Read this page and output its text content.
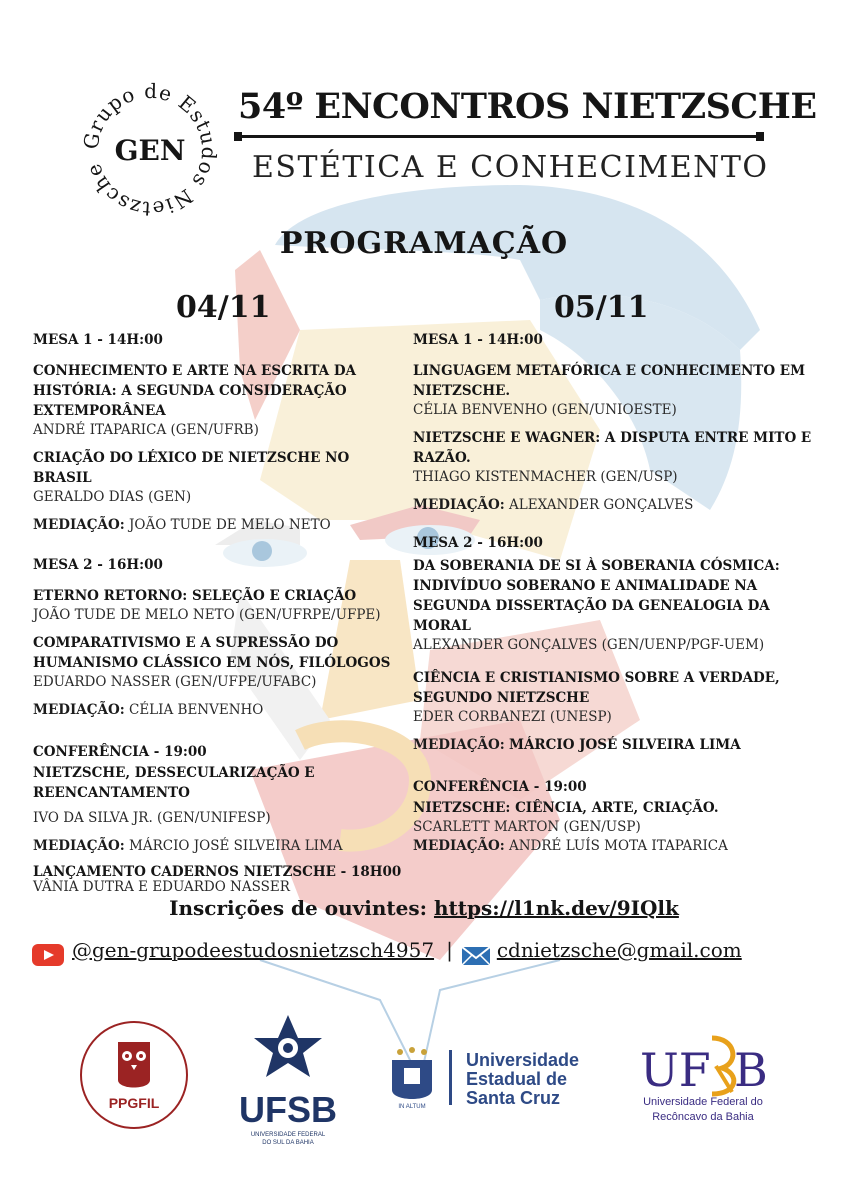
Grupo de Estudos Nietzsche
GEN
54º ENCONTROS NIETZSCHE
ESTÉTICA E CONHECIMENTO
PROGRAMAÇÃO
04/11	05/11
MESA 1 - 14H:00
CONHECIMENTO E ARTE NA ESCRITA DA HISTÓRIA: A SEGUNDA CONSIDERAÇÃO EXTEMPORÂNEA
ANDRÉ ITAPARICA (GEN/UFRB)
CRIAÇÃO DO LÉXICO DE NIETZSCHE NO BRASIL
GERALDO DIAS (GEN)
MEDIAÇÃO: JOÃO TUDE DE MELO NETO
MESA 2 - 16H:00
ETERNO RETORNO: SELEÇÃO E CRIAÇÃO
JOÃO TUDE DE MELO NETO (GEN/UFRPE/UFPE)
COMPARATIVISMO E A SUPRESSÃO DO HUMANISMO CLÁSSICO EM NÓS, FILÓLOGOS
EDUARDO NASSER (GEN/UFPE/UFABC)
MEDIAÇÃO: CÉLIA BENVENHO
CONFERÊNCIA - 19:00
NIETZSCHE, DESSECULARIZAÇÃO E REENCANTAMENTO
IVO DA SILVA JR. (GEN/UNIFESP)
MEDIAÇÃO: MÁRCIO JOSÉ SILVEIRA LIMA
LANÇAMENTO CADERNOS NIETZSCHE - 18H00
VÂNIA DUTRA E EDUARDO NASSER
MESA 1 - 14H:00
LINGUAGEM METAFÓRICA E CONHECIMENTO EM NIETZSCHE.
CÉLIA BENVENHO (GEN/UNIOESTE)
NIETZSCHE E WAGNER: A DISPUTA ENTRE MITO E RAZÃO.
THIAGO KISTENMACHER (GEN/USP)
MEDIAÇÃO: ALEXANDER GONÇALVES
MESA 2 - 16H:00
DA SOBERANIA DE SI À SOBERANIA CÓSMICA: INDIVÍDUO SOBERANO E ANIMALIDADE NA SEGUNDA DISSERTAÇÃO DA GENEALOGIA DA MORAL
ALEXANDER GONÇALVES (GEN/UENP/PGF-UEM)
CIÊNCIA E CRISTIANISMO SOBRE A VERDADE, SEGUNDO NIETZSCHE
EDER CORBANEZI (UNESP)
MEDIAÇÃO: MÁRCIO JOSÉ SILVEIRA LIMA
CONFERÊNCIA - 19:00
NIETZSCHE: CIÊNCIA, ARTE, CRIAÇÃO.
SCARLETT MARTON (GEN/USP)
MEDIAÇÃO: ANDRÉ LUÍS MOTA ITAPARICA
Inscrições de ouvintes: https://l1nk.dev/9IQlk
@gen-grupodeestudosnietzsch4957 | cdnietzsche@gmail.com
PPGFIL UFSB
UNIVERSIDADE FEDERAL
DO SUL DA BAHIA
IN ALTUM
Universidade
Estadual de
Santa Cruz
UF B
Universidade Federal do
Recôncavo da Bahia
